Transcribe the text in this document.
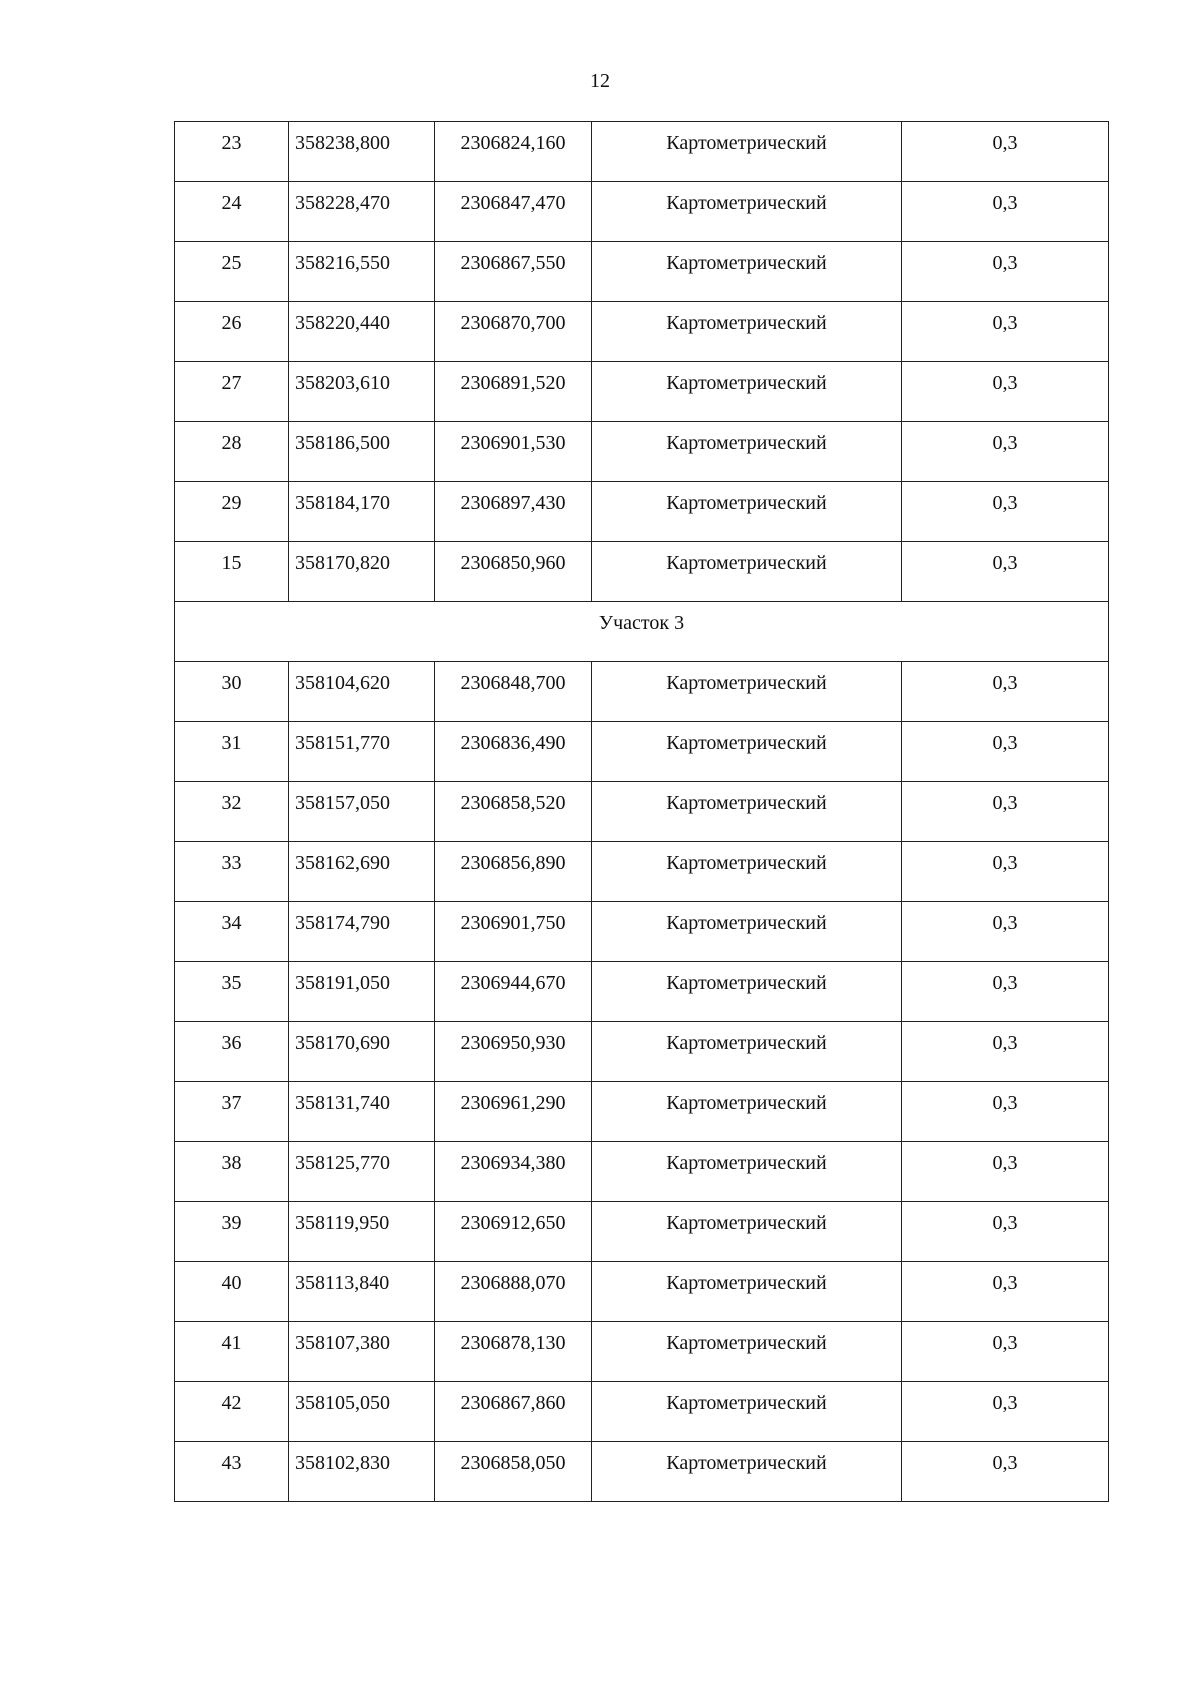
12
23	358238,800	2306824,160	Картометрический	0,3
24	358228,470	2306847,470	Картометрический	0,3
25	358216,550	2306867,550	Картометрический	0,3
26	358220,440	2306870,700	Картометрический	0,3
27	358203,610	2306891,520	Картометрический	0,3
28	358186,500	2306901,530	Картометрический	0,3
29	358184,170	2306897,430	Картометрический	0,3
15	358170,820	2306850,960	Картометрический	0,3
Участок 3				
30	358104,620	2306848,700	Картометрический	0,3
31	358151,770	2306836,490	Картометрический	0,3
32	358157,050	2306858,520	Картометрический	0,3
33	358162,690	2306856,890	Картометрический	0,3
34	358174,790	2306901,750	Картометрический	0,3
35	358191,050	2306944,670	Картометрический	0,3
36	358170,690	2306950,930	Картометрический	0,3
37	358131,740	2306961,290	Картометрический	0,3
38	358125,770	2306934,380	Картометрический	0,3
39	358119,950	2306912,650	Картометрический	0,3
40	358113,840	2306888,070	Картометрический	0,3
41	358107,380	2306878,130	Картометрический	0,3
42	358105,050	2306867,860	Картометрический	0,3
43	358102,830	2306858,050	Картометрический	0,3
